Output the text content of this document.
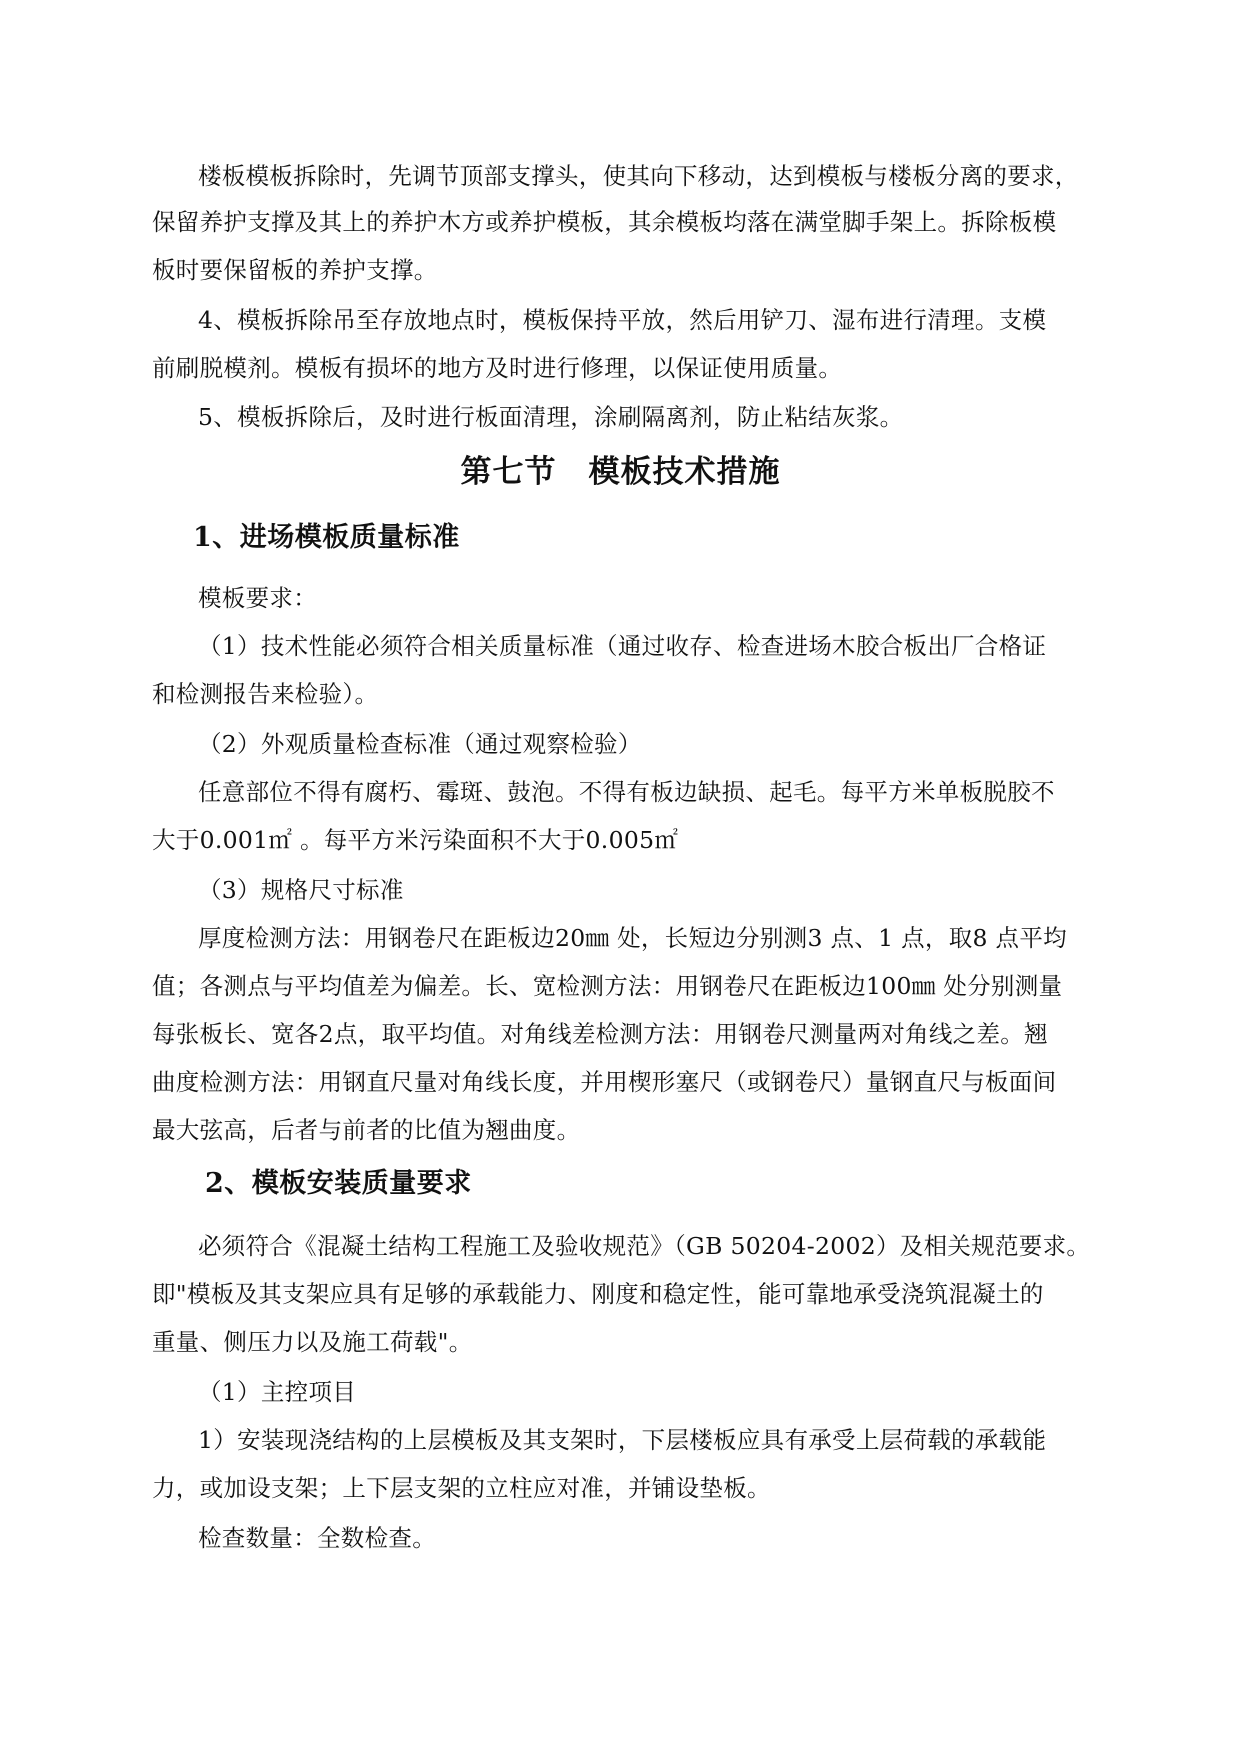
楼板模板拆除时，先调节顶部支撑头，使其向下移动，达到模板与楼板分离的要求，
保留养护支撑及其上的养护木方或养护模板，其余模板均落在满堂脚手架上。拆除板模
板时要保留板的养护支撑。
4、模板拆除吊至存放地点时，模板保持平放，然后用铲刀、湿布进行清理。支模
前刷脱模剂。模板有损坏的地方及时进行修理，以保证使用质量。
5、模板拆除后，及时进行板面清理，涂刷隔离剂，防止粘结灰浆。
第七节　模板技术措施
1、进场模板质量标准
模板要求：
（1）技术性能必须符合相关质量标准（通过收存、检查进场木胶合板出厂合格证
和检测报告来检验）。
（2）外观质量检查标准（通过观察检验）
任意部位不得有腐朽、霉斑、鼓泡。不得有板边缺损、起毛。每平方米单板脱胶不
大于0.001㎡ 。每平方米污染面积不大于0.005㎡
（3）规格尺寸标准
厚度检测方法：用钢卷尺在距板边20㎜ 处，长短边分别测3 点、1 点，取8 点平均
值；各测点与平均值差为偏差。长、宽检测方法：用钢卷尺在距板边100㎜ 处分别测量
每张板长、宽各2点，取平均值。对角线差检测方法：用钢卷尺测量两对角线之差。翘
曲度检测方法：用钢直尺量对角线长度，并用楔形塞尺（或钢卷尺）量钢直尺与板面间
最大弦高，后者与前者的比值为翘曲度。
2、模板安装质量要求
必须符合《混凝土结构工程施工及验收规范》（GB 50204-2002）及相关规范要求。
即"模板及其支架应具有足够的承载能力、刚度和稳定性，能可靠地承受浇筑混凝土的
重量、侧压力以及施工荷载"。
（1）主控项目
1）安装现浇结构的上层模板及其支架时，下层楼板应具有承受上层荷载的承载能
力，或加设支架；上下层支架的立柱应对准，并铺设垫板。
检查数量：全数检查。
